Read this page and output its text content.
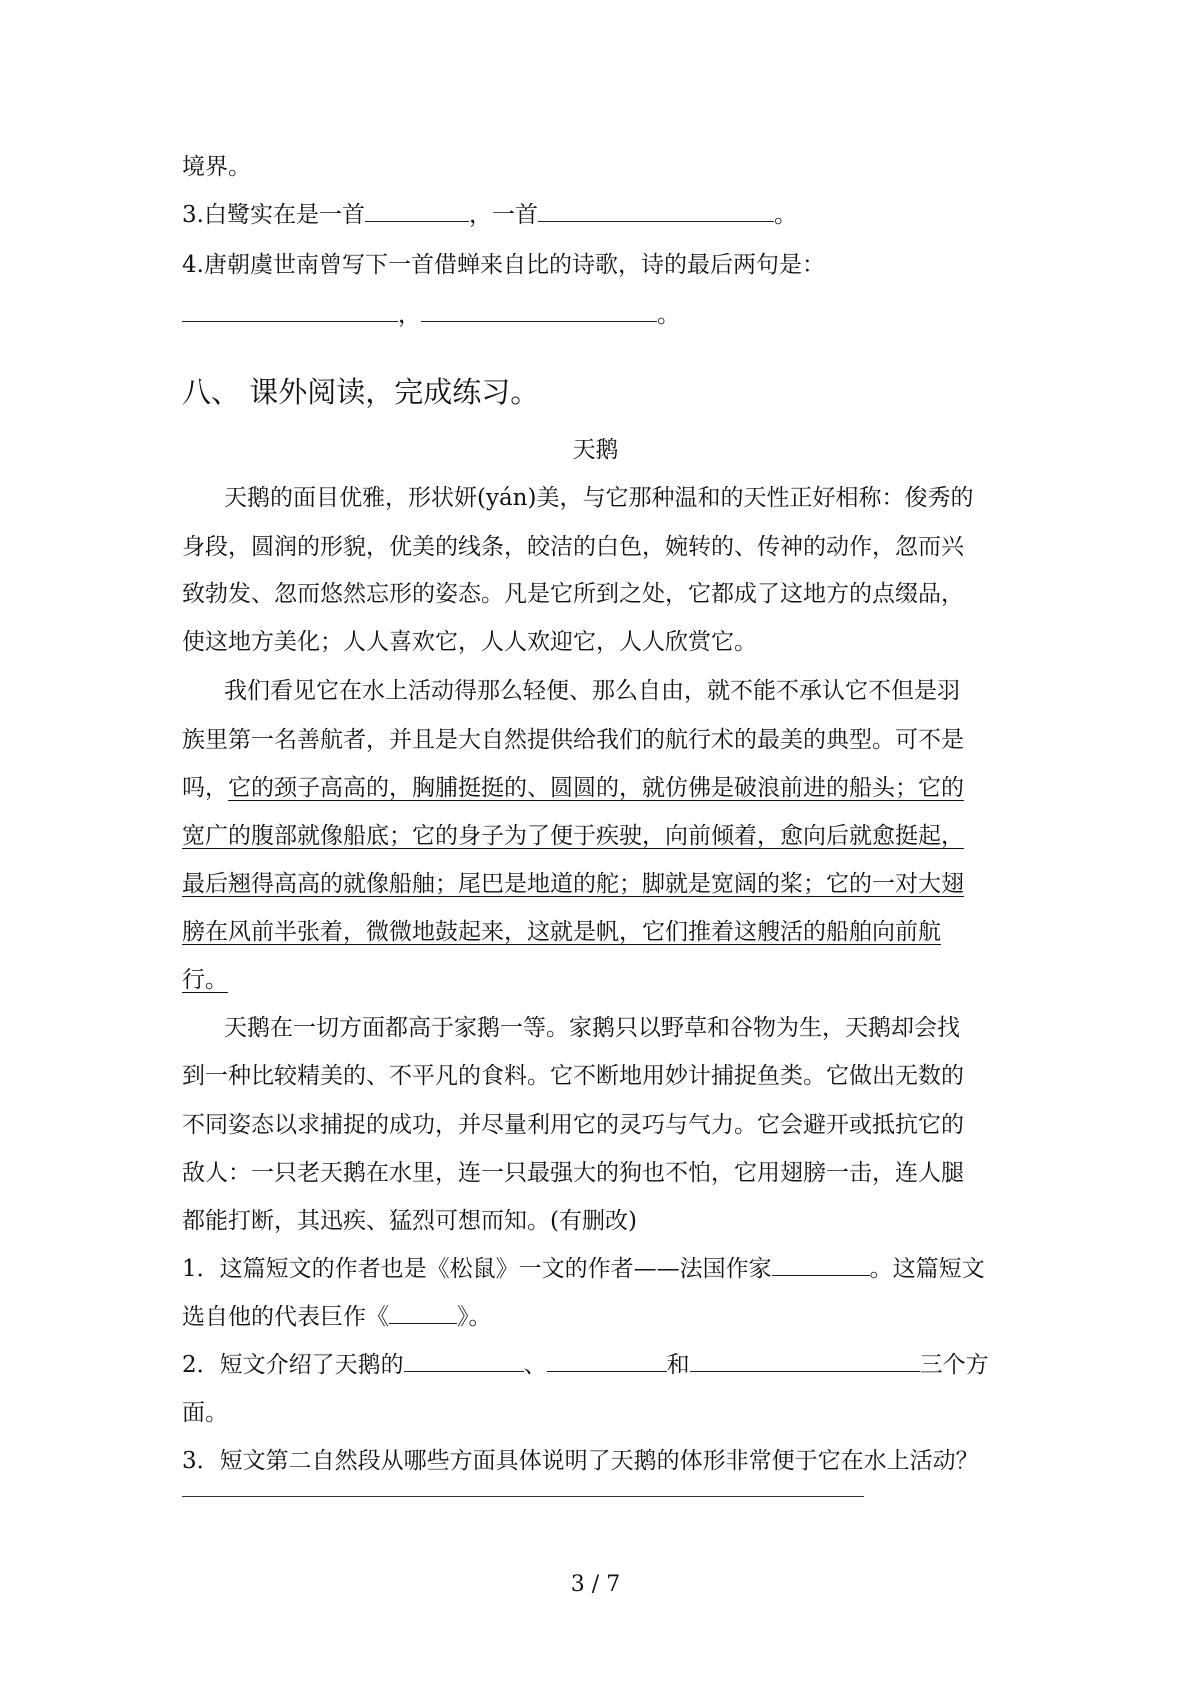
境界。

3.白鹭实在是一首	，一首	。

4.唐朝虞世南曾写下一首借蝉来自比的诗歌，诗的最后两句是：

，	。

八、 课外阅读，完成练习。

天鹅

天鹅的面目优雅，形状妍(yán)美，与它那种温和的天性正好相称：俊秀的

身段，圆润的形貌，优美的线条，皎洁的白色，婉转的、传神的动作，忽而兴

致勃发、忽而悠然忘形的姿态。凡是它所到之处，它都成了这地方的点缀品，

使这地方美化；人人喜欢它，人人欢迎它，人人欣赏它。

我们看见它在水上活动得那么轻便、那么自由，就不能不承认它不但是羽

族里第一名善航者，并且是大自然提供给我们的航行术的最美的典型。可不是

吗，它的颈子高高的，胸脯挺挺的、圆圆的，就仿佛是破浪前进的船头；它的

宽广的腹部就像船底；它的身子为了便于疾驶，向前倾着，愈向后就愈挺起，

最后翘得高高的就像船舳；尾巴是地道的舵；脚就是宽阔的桨；它的一对大翅

膀在风前半张着，微微地鼓起来，这就是帆，它们推着这艘活的船舶向前航

行。

天鹅在一切方面都高于家鹅一等。家鹅只以野草和谷物为生，天鹅却会找

到一种比较精美的、不平凡的食料。它不断地用妙计捕捉鱼类。它做出无数的

不同姿态以求捕捉的成功，并尽量利用它的灵巧与气力。它会避开或抵抗它的

敌人：一只老天鹅在水里，连一只最强大的狗也不怕，它用翅膀一击，连人腿

都能打断，其迅疾、猛烈可想而知。(有删改)

1．这篇短文的作者也是《松鼠》一文的作者——法国作家	。这篇短文

选自他的代表巨作《	》。

2．短文介绍了天鹅的	、	和	三个方

面。

3．短文第二自然段从哪些方面具体说明了天鹅的体形非常便于它在水上活动？

3 / 7
